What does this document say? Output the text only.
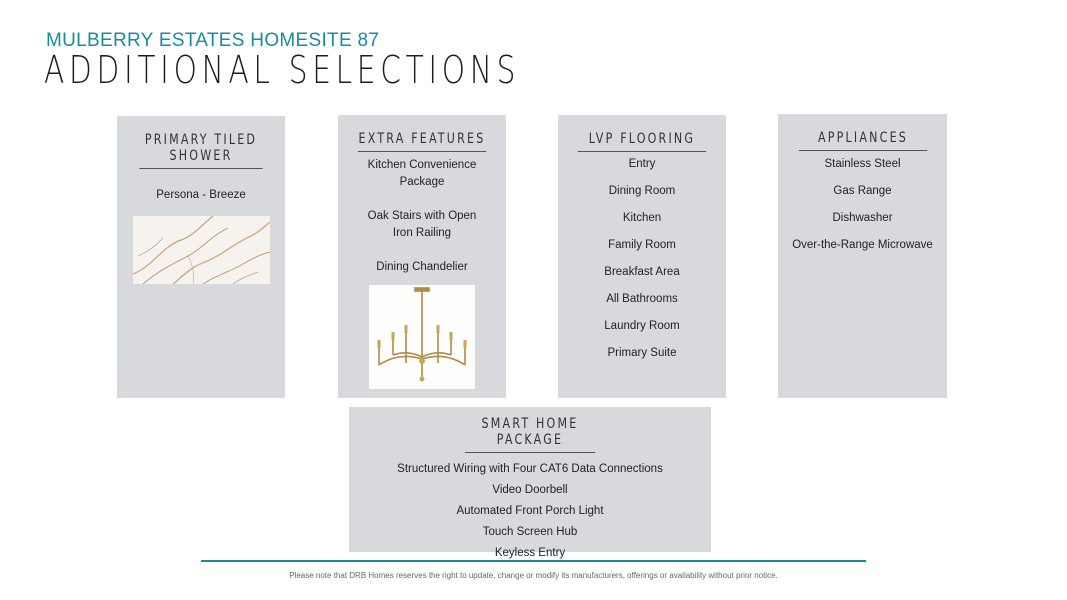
MULBERRY ESTATES HOMESITE 87
ADDITIONAL SELECTIONS
PRIMARY TILED SHOWER
Persona - Breeze
EXTRA FEATURES
Kitchen Convenience Package
Oak Stairs with Open Iron Railing
Dining Chandelier
LVP FLOORING
Entry
Dining Room
Kitchen
Family Room
Breakfast Area
All Bathrooms
Laundry Room
Primary Suite
APPLIANCES
Stainless Steel
Gas Range
Dishwasher
Over-the-Range Microwave
SMART HOME PACKAGE
Structured Wiring with Four CAT6 Data Connections
Video Doorbell
Automated Front Porch Light
Touch Screen Hub
Keyless Entry
Please note that DRB Homes reserves the right to update, change or modify its manufacturers, offerings or availability without prior notice.
